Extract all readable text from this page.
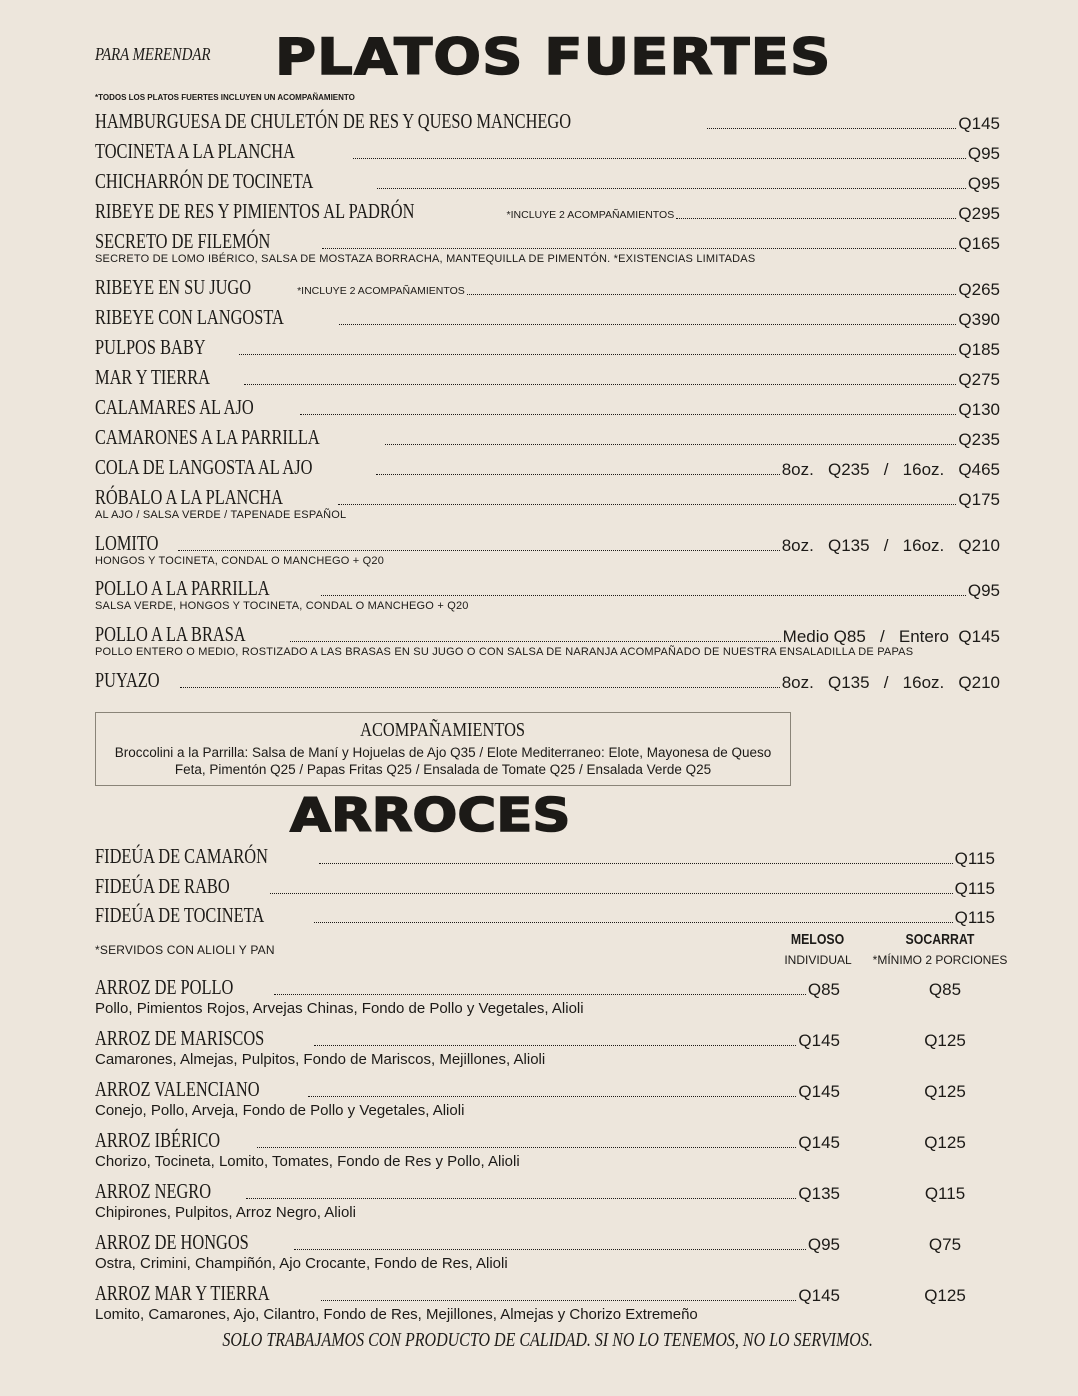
PARA MERENDAR PLATOS FUERTES
*TODOS LOS PLATOS FUERTES INCLUYEN UN ACOMPAÑAMIENTO
HAMBURGUESA DE CHULETÓN DE RES Y QUESO MANCHEGO	Q145
TOCINETA A LA PLANCHA	Q95
CHICHARRÓN DE TOCINETA	Q95
RIBEYE DE RES Y PIMIENTOS AL PADRÓN	*INCLUYE 2 ACOMPAÑAMIENTOS	Q295
SECRETO DE FILEMÓN	Q165
SECRETO DE LOMO IBÉRICO, SALSA DE MOSTAZA BORRACHA, MANTEQUILLA DE PIMENTÓN. *EXISTENCIAS LIMITADAS
RIBEYE EN SU JUGO	*INCLUYE 2 ACOMPAÑAMIENTOS	Q265
RIBEYE CON LANGOSTA	Q390
PULPOS BABY	Q185
MAR Y TIERRA	Q275
CALAMARES AL AJO	Q130
CAMARONES A LA PARRILLA	Q235
COLA DE LANGOSTA AL AJO	8oz.   Q235   /   16oz.   Q465
RÓBALO A LA PLANCHA	Q175
AL AJO / SALSA VERDE / TAPENADE ESPAÑOL
LOMITO	8oz.   Q135   /   16oz.   Q210
HONGOS Y TOCINETA, CONDAL O MANCHEGO + Q20
POLLO A LA PARRILLA	Q95
SALSA VERDE, HONGOS Y TOCINETA, CONDAL O MANCHEGO + Q20
POLLO A LA BRASA	Medio Q85   /   Entero  Q145
POLLO ENTERO O MEDIO, ROSTIZADO A LAS BRASAS EN SU JUGO O CON SALSA DE NARANJA ACOMPAÑADO DE NUESTRA ENSALADILLA DE PAPAS
PUYAZO	8oz.   Q135   /   16oz.   Q210
FIDEÚA DE CAMARÓN	Q115
FIDEÚA DE RABO	Q115
FIDEÚA DE TOCINETA	Q115
*SERVIDOS CON ALIOLI Y PAN
MELOSO
INDIVIDUAL
SOCARRAT
*MÍNIMO 2 PORCIONES
ARROZ DE POLLO	Q85	Q85
Pollo, Pimientos Rojos, Arvejas Chinas, Fondo de Pollo y Vegetales, Alioli
ARROZ DE MARISCOS	Q145	Q125
Camarones, Almejas, Pulpitos, Fondo de Mariscos, Mejillones, Alioli
ARROZ VALENCIANO	Q145	Q125
Conejo, Pollo, Arveja, Fondo de Pollo y Vegetales, Alioli
ARROZ IBÉRICO	Q145	Q125
Chorizo, Tocineta, Lomito, Tomates, Fondo de Res y Pollo, Alioli
ARROZ NEGRO	Q135	Q115
Chipirones, Pulpitos, Arroz Negro, Alioli
ARROZ DE HONGOS	Q95	Q75
Ostra, Crimini, Champiñón, Ajo Crocante, Fondo de Res, Alioli
ARROZ MAR Y TIERRA	Q145	Q125
Lomito, Camarones, Ajo, Cilantro, Fondo de Res, Mejillones, Almejas y Chorizo Extremeño
SOLO TRABAJAMOS CON PRODUCTO DE CALIDAD. SI NO LO TENEMOS, NO LO SERVIMOS.
ACOMPAÑAMIENTOS
Broccolini a la Parrilla: Salsa de Maní y Hojuelas de Ajo Q35 / Elote Mediterraneo: Elote, Mayonesa de Queso Feta, Pimentón Q25 / Papas Fritas Q25 / Ensalada de Tomate Q25 / Ensalada Verde Q25
ARROCES
